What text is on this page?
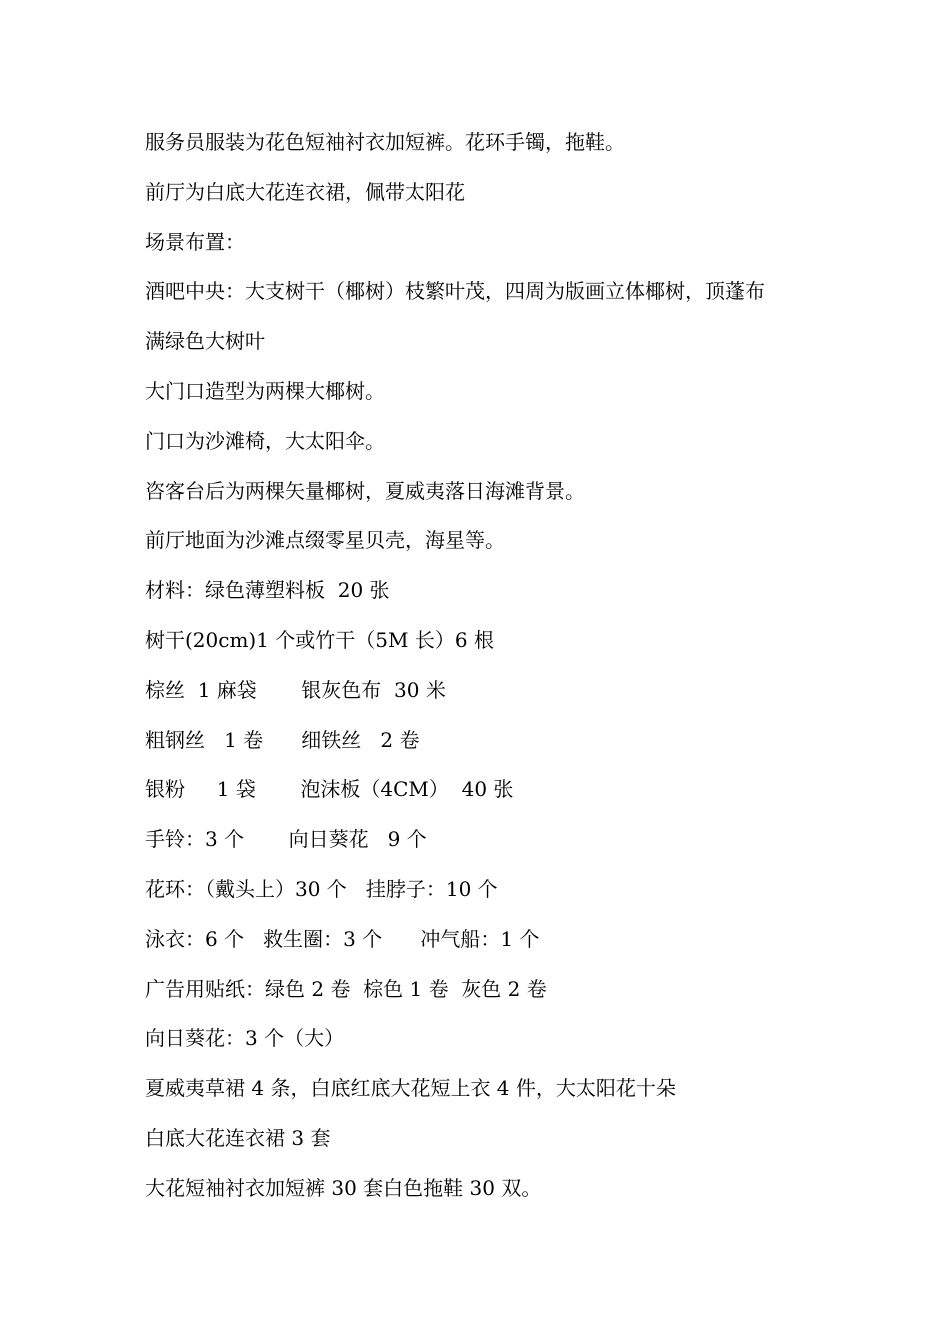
服务员服装为花色短袖衬衣加短裤。花环手镯，拖鞋。
前厅为白底大花连衣裙，佩带太阳花
场景布置：
酒吧中央：大支树干（椰树）枝繁叶茂，四周为版画立体椰树，顶蓬布
满绿色大树叶
大门口造型为两棵大椰树。
门口为沙滩椅，大太阳伞。
咨客台后为两棵矢量椰树，夏威夷落日海滩背景。
前厅地面为沙滩点缀零星贝壳，海星等。
材料：绿色薄塑料板  20 张
树干(20cm)1 个或竹干（5M 长）6 根
棕丝  1 麻袋       银灰色布  30 米
粗钢丝   1 卷      细铁丝   2 卷
银粉     1 袋       泡沫板（4CM）  40 张
手铃：3 个       向日葵花   9 个
花环：（戴头上）30 个   挂脖子：10 个
泳衣：6 个   救生圈：3 个      冲气船：1 个
广告用贴纸：绿色 2 卷  棕色 1 卷  灰色 2 卷
向日葵花：3 个（大）
夏威夷草裙 4 条，白底红底大花短上衣 4 件，大太阳花十朵
白底大花连衣裙 3 套
大花短袖衬衣加短裤 30 套白色拖鞋 30 双。
